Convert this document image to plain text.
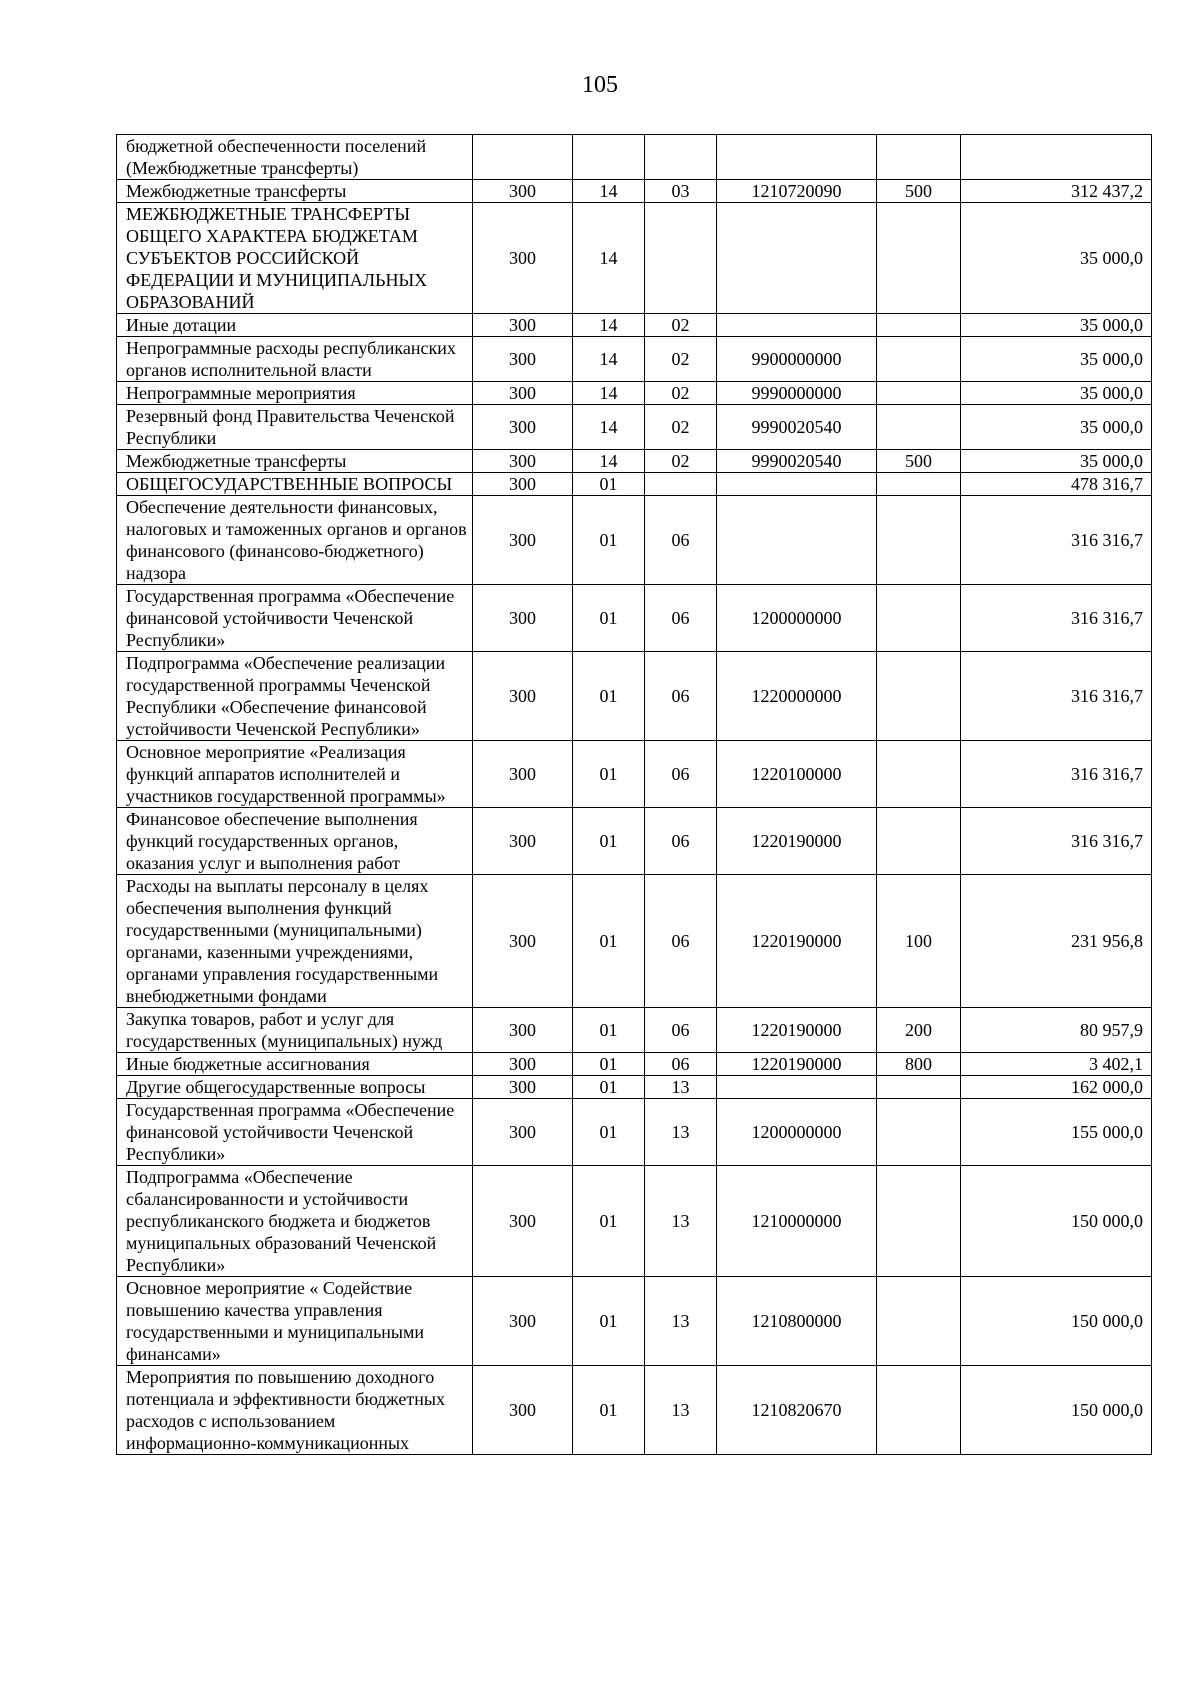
105
бюджетной обеспеченности поселений (Межбюджетные трансферты)						
Межбюджетные трансферты	300	14	03	1210720090	500	312 437,2
МЕЖБЮДЖЕТНЫЕ ТРАНСФЕРТЫ ОБЩЕГО ХАРАКТЕРА БЮДЖЕТАМ СУБЪЕКТОВ РОССИЙСКОЙ ФЕДЕРАЦИИ И МУНИЦИПАЛЬНЫХ ОБРАЗОВАНИЙ	300	14				35 000,0
Иные дотации	300	14	02			35 000,0
Непрограммные расходы республиканских органов исполнительной власти	300	14	02	9900000000		35 000,0
Непрограммные мероприятия	300	14	02	9990000000		35 000,0
Резервный фонд Правительства Чеченской Республики	300	14	02	9990020540		35 000,0
Межбюджетные трансферты	300	14	02	9990020540	500	35 000,0
ОБЩЕГОСУДАРСТВЕННЫЕ ВОПРОСЫ	300	01				478 316,7
Обеспечение деятельности финансовых, налоговых и таможенных органов и органов финансового (финансово-бюджетного) надзора	300	01	06			316 316,7
Государственная программа «Обеспечение финансовой устойчивости Чеченской Республики»	300	01	06	1200000000		316 316,7
Подпрограмма «Обеспечение реализации государственной программы Чеченской Республики «Обеспечение финансовой устойчивости Чеченской Республики»	300	01	06	1220000000		316 316,7
Основное мероприятие «Реализация функций аппаратов исполнителей и участников государственной программы»	300	01	06	1220100000		316 316,7
Финансовое обеспечение выполнения функций государственных органов, оказания услуг и выполнения работ	300	01	06	1220190000		316 316,7
Расходы на выплаты персоналу в целях обеспечения выполнения функций государственными (муниципальными) органами, казенными учреждениями, органами управления государственными внебюджетными фондами	300	01	06	1220190000	100	231 956,8
Закупка товаров, работ и услуг для государственных (муниципальных) нужд	300	01	06	1220190000	200	80 957,9
Иные бюджетные ассигнования	300	01	06	1220190000	800	3 402,1
Другие общегосударственные вопросы	300	01	13			162 000,0
Государственная программа «Обеспечение финансовой устойчивости Чеченской Республики»	300	01	13	1200000000		155 000,0
Подпрограмма «Обеспечение сбалансированности и устойчивости республиканского бюджета и бюджетов муниципальных образований Чеченской Республики»	300	01	13	1210000000		150 000,0
Основное мероприятие « Содействие повышению качества управления государственными и муниципальными финансами»	300	01	13	1210800000		150 000,0
Мероприятия по повышению доходного потенциала и эффективности бюджетных расходов с использованием информационно-коммуникационных	300	01	13	1210820670		150 000,0
